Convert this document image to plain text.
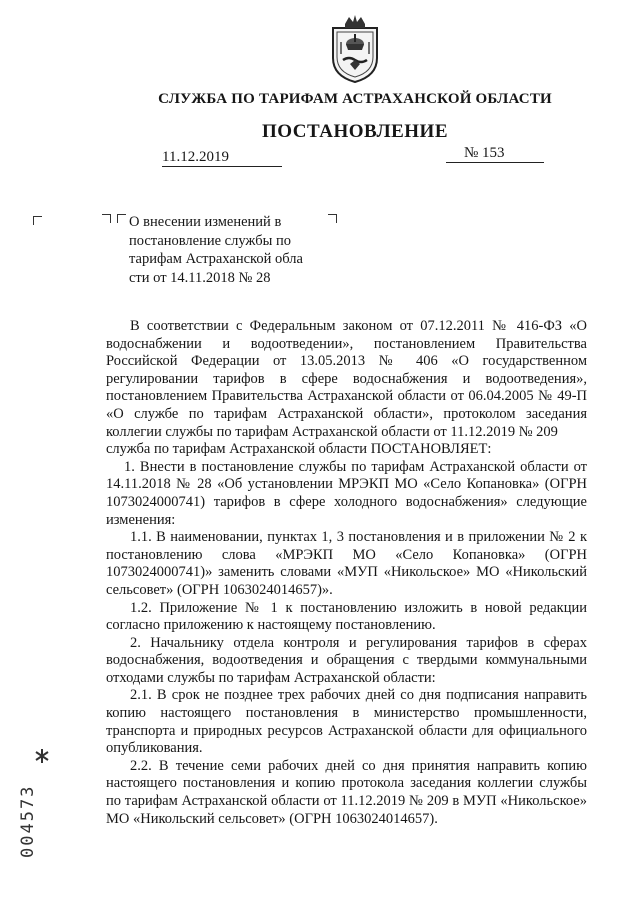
СЛУЖБА ПО ТАРИФАМ АСТРАХАНСКОЙ ОБЛАСТИ
ПОСТАНОВЛЕНИЕ
11.12.2019	№ 153
О внесении изменений в
постановление службы по
тарифам Астраханской обла
сти от 14.11.2018 № 28

В соответствии с Федеральным законом от 07.12.2011 № 416-ФЗ «О водоснабжении и водоотведении», постановлением Правительства Российской Федерации от 13.05.2013 № 406 «О государственном регулировании тарифов в сфере водоснабжения и водоотведения», постановлением Правительства Астраханской области от 06.04.2005 № 49-П «О службе по тарифам Астраханской области», протоколом заседания коллегии службы по тарифам Астраханской области от 11.12.2019 № 209

служба по тарифам Астраханской области ПОСТАНОВЛЯЕТ:

1. Внести в постановление службы по тарифам Астраханской области от 14.11.2018 № 28 «Об установлении МРЭКП МО «Село Копановка» (ОГРН 1073024000741) тарифов в сфере холодного водоснабжения» следующие изменения:

1.1. В наименовании, пунктах 1, 3 постановления и в приложении № 2 к постановлению слова «МРЭКП МО «Село Копановка» (ОГРН 1073024000741)» заменить словами «МУП «Никольское» МО «Никольский сельсовет» (ОГРН 1063024014657)».

1.2. Приложение № 1 к постановлению изложить в новой редакции согласно приложению к настоящему постановлению.

2. Начальнику отдела контроля и регулирования тарифов в сферах водоснабжения, водоотведения и обращения с твердыми коммунальными отходами службы по тарифам Астраханской области:

2.1. В срок не позднее трех рабочих дней со дня подписания направить копию настоящего постановления в министерство промышленности, транспорта и природных ресурсов Астраханской области для официального опубликования.

2.2. В течение семи рабочих дней со дня принятия направить копию настоящего постановления и копию протокола заседания коллегии службы по тарифам Астраханской области от 11.12.2019 № 209 в МУП «Никольское» МО «Никольский сельсовет» (ОГРН 1063024014657).

004573
